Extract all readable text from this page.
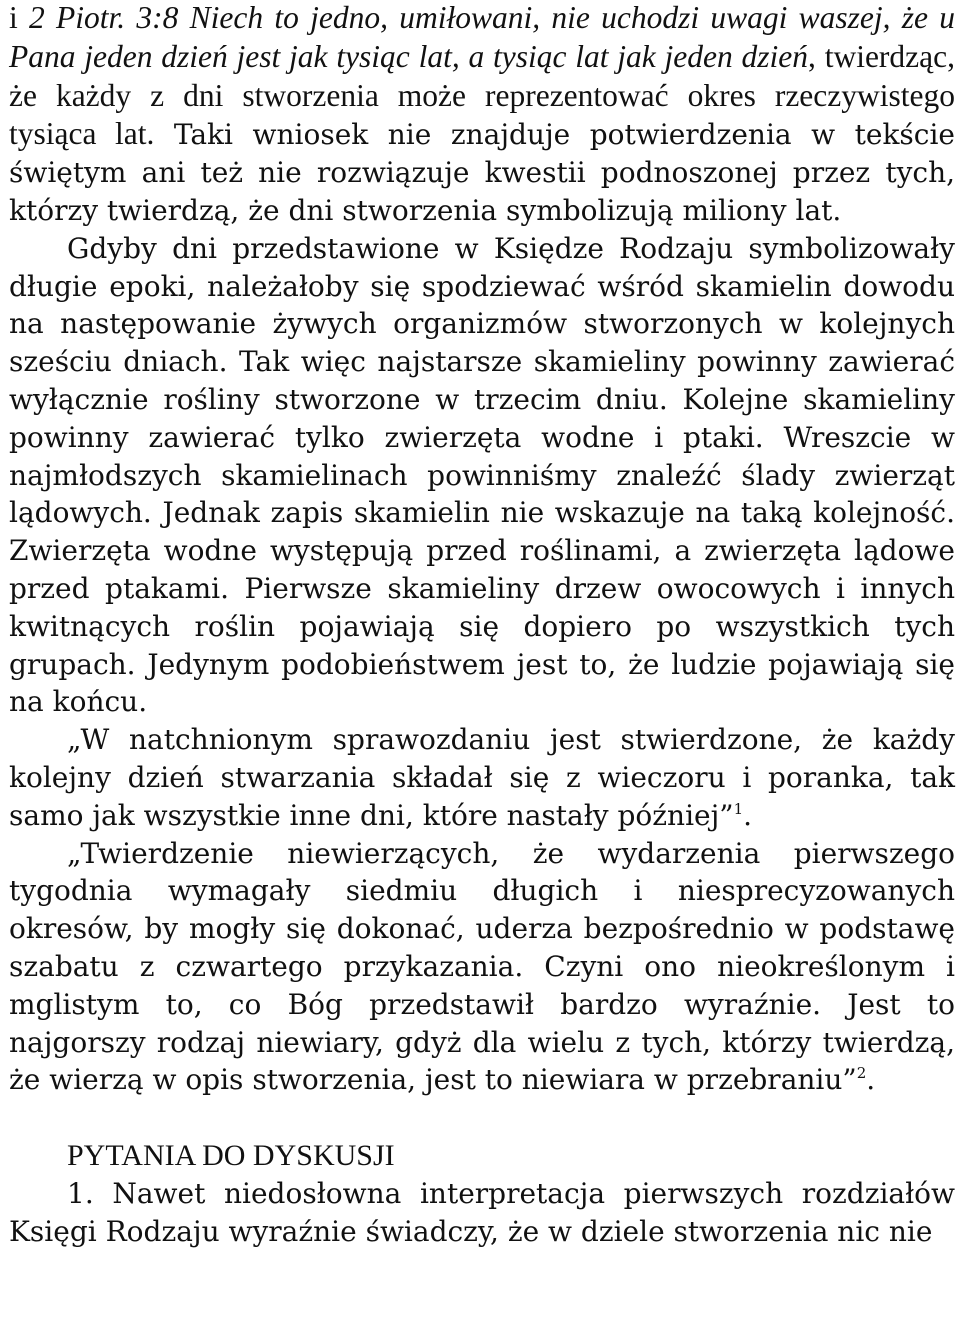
i 2 Piotr. 3:8 Niech to jedno, umiłowani, nie uchodzi uwagi waszej, że u Pana jeden dzień jest jak tysiąc lat, a tysiąc lat jak jeden dzień, twierdząc, że każdy z dni stworzenia może reprezentować okres rzeczywistego tysiąca lat. Taki wniosek nie znajduje potwierdzenia w tekście świętym ani też nie rozwiązuje kwestii podnoszonej przez tych, którzy twierdzą, że dni stworzenia symbolizują miliony lat.

Gdyby dni przedstawione w Księdze Rodzaju symbolizowały długie epoki, należałoby się spodziewać wśród skamielin dowodu na następowanie żywych organizmów stworzonych w kolejnych sześciu dniach. Tak więc najstarsze skamieliny powinny zawierać wyłącznie rośliny stworzone w trzecim dniu. Kolejne skamieliny powinny zawierać tylko zwierzęta wodne i ptaki. Wreszcie w najmłodszych skamielinach powinniśmy znaleźć ślady zwierząt lądowych. Jednak zapis skamielin nie wskazuje na taką kolejność. Zwierzęta wodne występują przed roślinami, a zwierzęta lądowe przed ptakami. Pierwsze skamieliny drzew owocowych i innych kwitnących roślin pojawiają się dopiero po wszystkich tych grupach. Jedynym podobieństwem jest to, że ludzie pojawiają się na końcu.

„W natchnionym sprawozdaniu jest stwierdzone, że każdy kolejny dzień stwarzania składał się z wieczoru i poranka, tak samo jak wszystkie inne dni, które nastały później”$^1$.

„Twierdzenie niewierzących, że wydarzenia pierwszego tygodnia wymagały siedmiu długich i niesprecyzowanych okresów, by mogły się dokonać, uderza bezpośrednio w podstawę szabatu z czwartego przykazania. Czyni ono nieokreślonym i mglistym to, co Bóg przedstawił bardzo wyraźnie. Jest to najgorszy rodzaj niewiary, gdyż dla wielu z tych, którzy twierdzą, że wierzą w opis stworzenia, jest to niewiara w przebraniu”$^2$.

PYTANIA DO DYSKUSJI

1. Nawet niedosłowna interpretacja pierwszych rozdziałów Księgi Rodzaju wyraźnie świadczy, że w dziele stworzenia nic nie
